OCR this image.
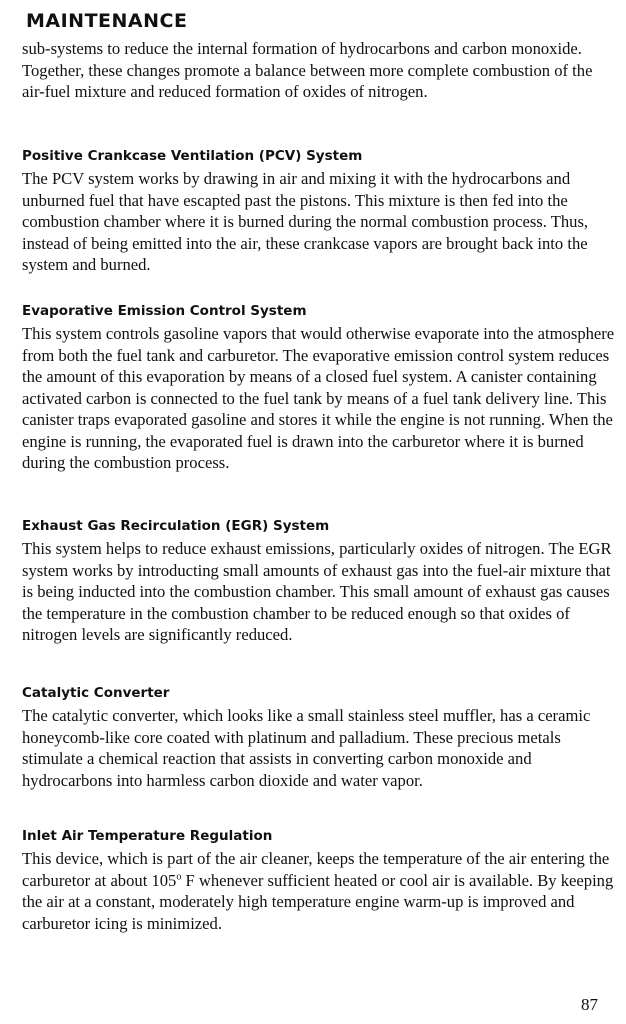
MAINTENANCE

sub-systems to reduce the internal formation of hydrocarbons and carbon monoxide. Together, these changes promote a balance between more complete combustion of the air-fuel mixture and reduced formation of oxides of nitrogen.

Positive Crankcase Ventilation (PCV) System

The PCV system works by drawing in air and mixing it with the hydrocarbons and unburned fuel that have escapted past the pistons. This mixture is then fed into the combustion chamber where it is burned during the normal combustion process. Thus, instead of being emitted into the air, these crankcase vapors are brought back into the system and burned.

Evaporative Emission Control System

This system controls gasoline vapors that would otherwise evaporate into the atmosphere from both the fuel tank and carburetor. The evaporative emission control system reduces the amount of this evaporation by means of a closed fuel system. A canister containing activated carbon is connected to the fuel tank by means of a fuel tank delivery line. This canister traps evaporated gasoline and stores it while the engine is not running. When the engine is running, the evaporated fuel is drawn into the carburetor where it is burned during the combustion process.

Exhaust Gas Recirculation (EGR) System

This system helps to reduce exhaust emissions, particularly oxides of nitrogen. The EGR system works by introducting small amounts of exhaust gas into the fuel-air mixture that is being inducted into the combustion chamber. This small amount of exhaust gas causes the temperature in the combustion chamber to be reduced enough so that oxides of nitrogen levels are significantly reduced.

Catalytic Converter

The catalytic converter, which looks like a small stainless steel muffler, has a ceramic honeycomb-like core coated with platinum and palladium. These precious metals stimulate a chemical reaction that assists in converting carbon monoxide and hydrocarbons into harmless carbon dioxide and water vapor.

Inlet Air Temperature Regulation

This device, which is part of the air cleaner, keeps the temperature of the air entering the carburetor at about 105$^o$ F whenever sufficient heated or cool air is available. By keeping the air at a constant, moderately high temperature engine warm-up is improved and carburetor icing is minimized.

87
